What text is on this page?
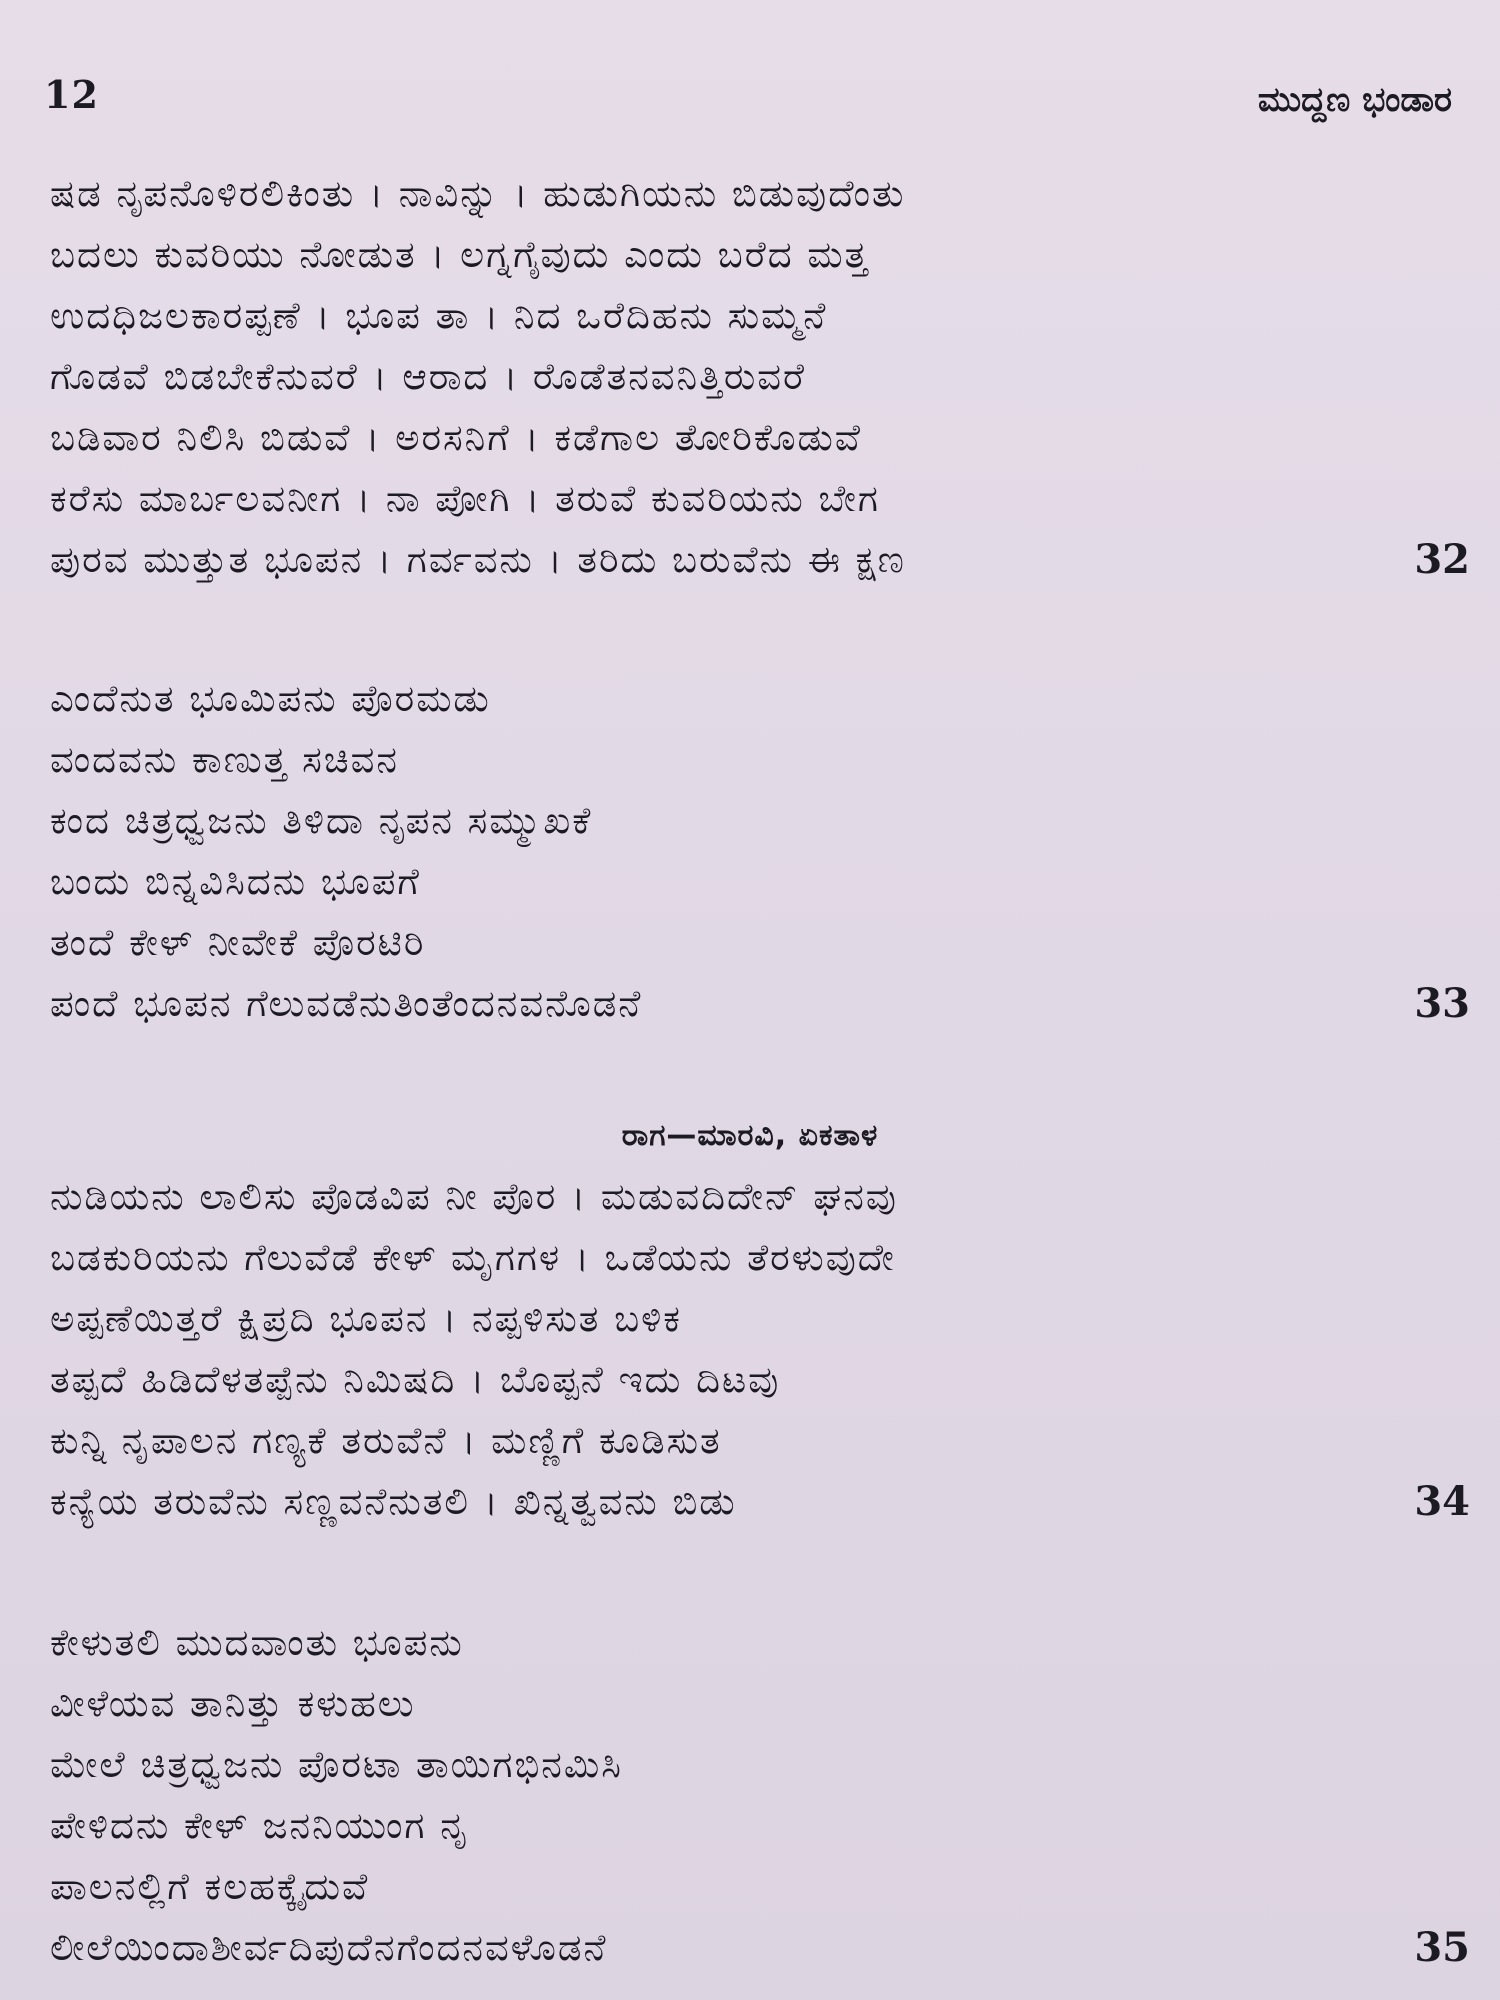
12	ಮುದ್ದಣ ಭಂಡಾರ
ಷಡ ನೃಪನೊಳಿರಲಿಕಿಂತು । ನಾವಿನ್ನು । ಹುಡುಗಿಯನು ಬಿಡುವುದೆಂತು
ಬದಲು ಕುವರಿಯು ನೋಡುತ । ಲಗ್ನಗೈವುದು ಎಂದು ಬರೆದ ಮತ್ತ
ಉದಧಿಜಲಕಾರಪ್ಪಣೆ । ಭೂಪ ತಾ । ನಿದ ಒರೆದಿಹನು ಸುಮ್ಮನೆ
ಗೊಡವೆ ಬಿಡಬೇಕೆನುವರೆ । ಆರಾದ । ರೊಡೆತನವನಿತ್ತಿರುವರೆ
ಬಡಿವಾರ ನಿಲಿಸಿ ಬಿಡುವೆ । ಅರಸನಿಗೆ । ಕಡೆಗಾಲ ತೋರಿಕೊಡುವೆ
ಕರೆಸು ಮಾರ್ಬಲವನೀಗ । ನಾ ಪೋಗಿ । ತರುವೆ ಕುವರಿಯನು ಬೇಗ
ಪುರವ ಮುತ್ತುತ ಭೂಪನ । ಗರ್ವವನು । ತರಿದು ಬರುವೆನು ಈ ಕ್ಷಣ	32
ಎಂದೆನುತ ಭೂಮಿಪನು ಪೊರಮಡು
ವಂದವನು ಕಾಣುತ್ತ ಸಚಿವನ
ಕಂದ ಚಿತ್ರಧ್ವಜನು ತಿಳಿದಾ ನೃಪನ ಸಮ್ಮುಖಕೆ
ಬಂದು ಬಿನ್ನವಿಸಿದನು ಭೂಪಗೆ
ತಂದೆ ಕೇಳ್ ನೀವೇಕೆ ಪೊರಟಿರಿ
ಪಂದೆ ಭೂಪನ ಗೆಲುವಡೆನುತಿಂತೆಂದನವನೊಡನೆ	33
ರಾಗ—ಮಾರವಿ, ಏಕತಾಳ
ನುಡಿಯನು ಲಾಲಿಸು ಪೊಡವಿಪ ನೀ ಪೊರ । ಮಡುವದಿದೇನ್ ಘನವು
ಬಡಕುರಿಯನು ಗೆಲುವೆಡೆ ಕೇಳ್ ಮೃಗಗಳ । ಒಡೆಯನು ತೆರಳುವುದೇ
ಅಪ್ಪಣೆಯಿತ್ತರೆ ಕ್ಷಿಪ್ರದಿ ಭೂಪನ । ನಪ್ಪಳಿಸುತ ಬಳಿಕ
ತಪ್ಪದೆ ಹಿಡಿದೆಳತಪ್ಪೆನು ನಿಮಿಷದಿ । ಬೊಪ್ಪನೆ ಇದು ದಿಟವು
ಕುನ್ನಿ ನೃಪಾಲನ ಗಣ್ಯಕೆ ತರುವೆನೆ । ಮಣ್ಣಿಗೆ ಕೂಡಿಸುತ
ಕನ್ಯೆಯ ತರುವೆನು ಸಣ್ಣವನೆನುತಲಿ । ಖಿನ್ನತ್ವವನು ಬಿಡು	34
ಕೇಳುತಲಿ ಮುದವಾಂತು ಭೂಪನು
ವೀಳೆಯವ ತಾನಿತ್ತು ಕಳುಹಲು
ಮೇಲೆ ಚಿತ್ರಧ್ವಜನು ಪೊರಟಾ ತಾಯಿಗಭಿನಮಿಸಿ
ಪೇಳಿದನು ಕೇಳ್ ಜನನಿಯುಂಗ ನೃ
ಪಾಲನಲ್ಲಿಗೆ ಕಲಹಕ್ಕೈದುವೆ
ಲೀಲೆಯಿಂದಾಶೀರ್ವದಿಪುದೆನಗೆಂದನವಳೊಡನೆ	35
